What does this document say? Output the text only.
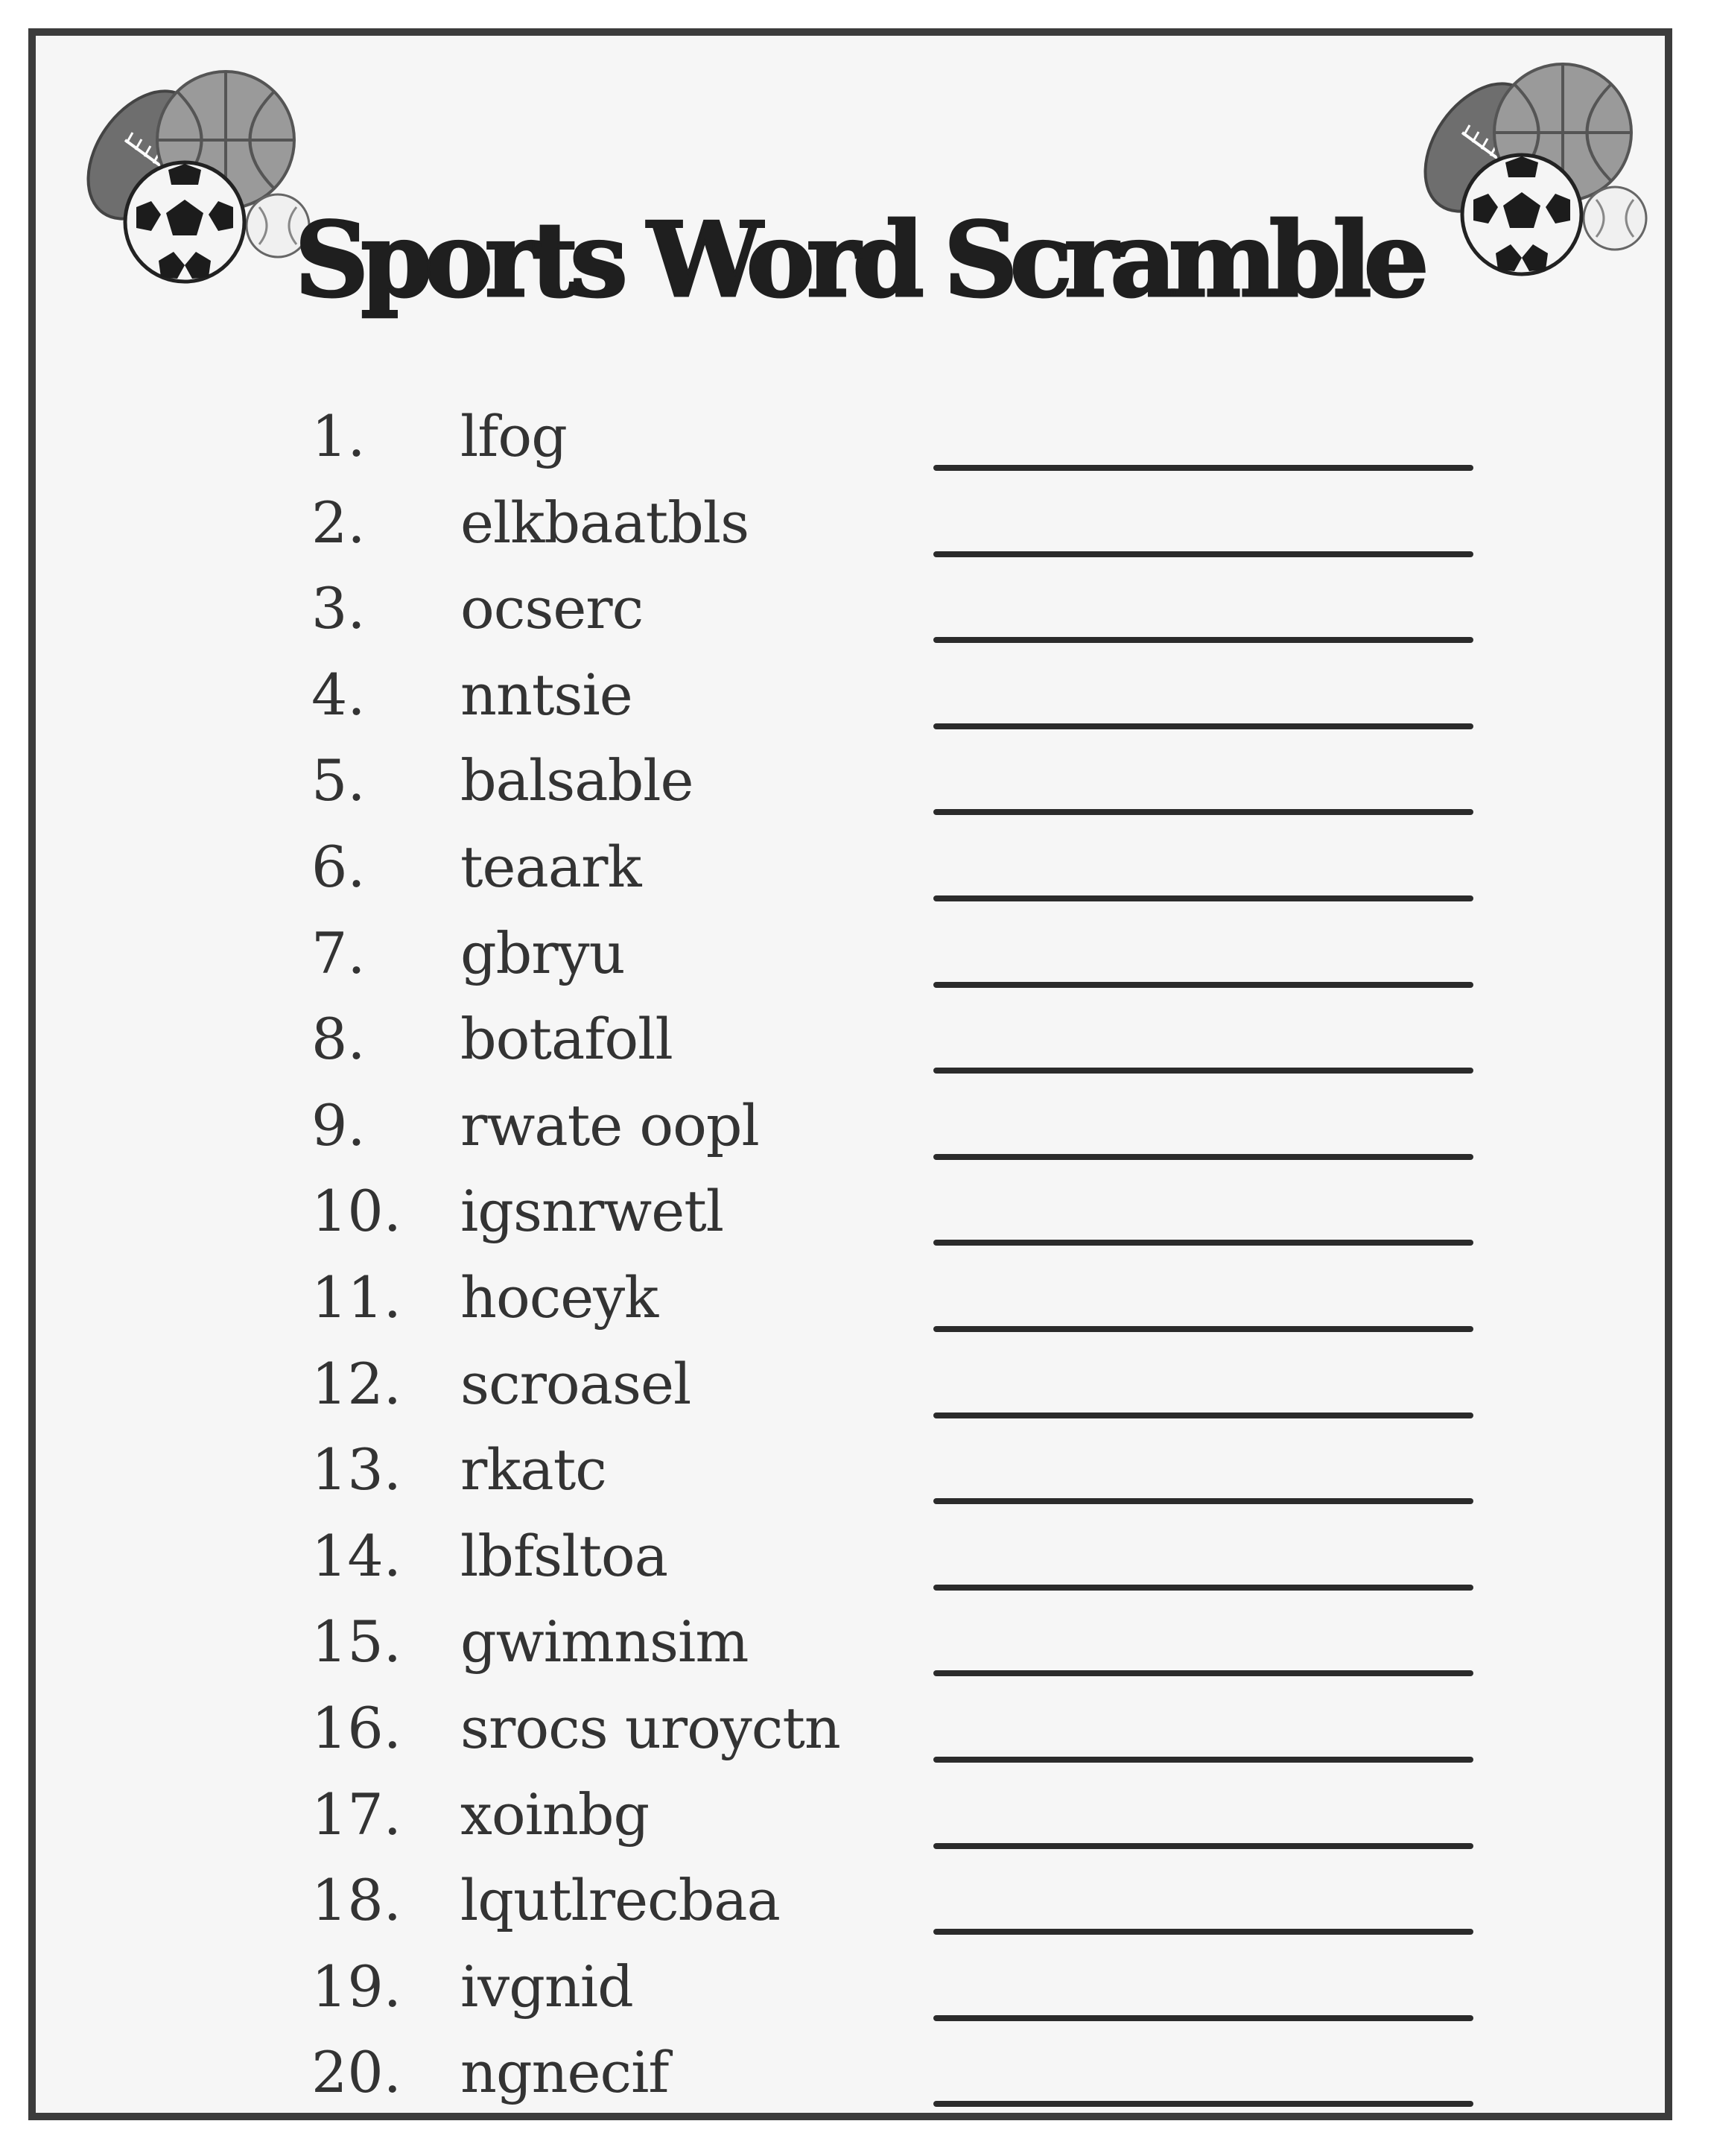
Sports Word Scramble
1. lfog
2. elkbaatbls
3. ocserc
4. nntsie
5. balsable
6. teaark
7. gbryu
8. botafoll
9. rwate oopl
10. igsnrwetl
11. hoceyk
12. scroasel
13. rkatc
14. lbfsltoa
15. gwimnsim
16. srocs uroyctn
17. xoinbg
18. lqutlrecbaa
19. ivgnid
20. ngnecif
